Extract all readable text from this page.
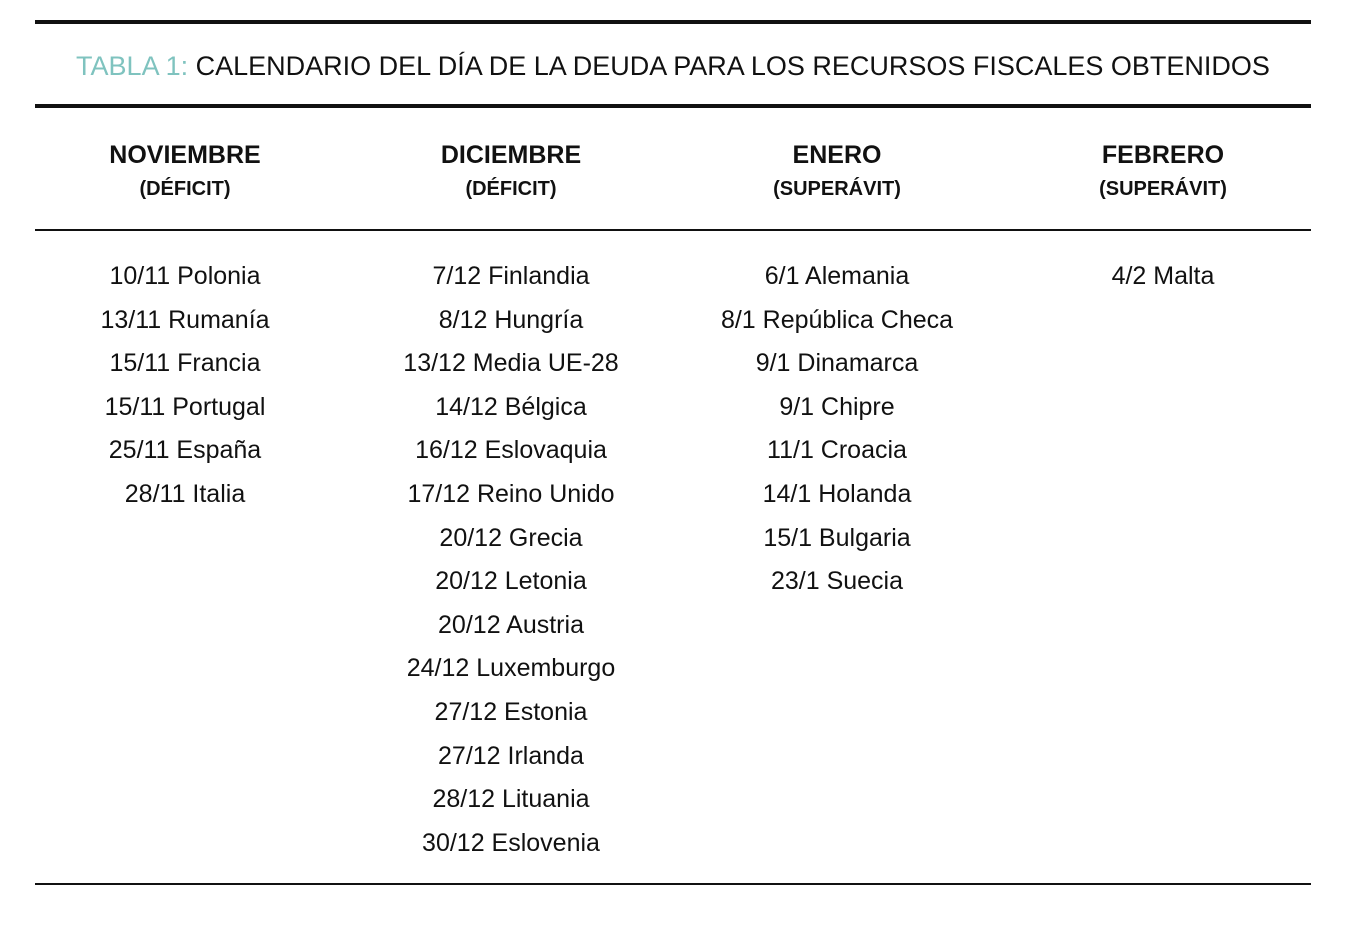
TABLA 1: CALENDARIO DEL DÍA DE LA DEUDA PARA LOS RECURSOS FISCALES OBTENIDOS
NOVIEMBRE
(DÉFICIT)
DICIEMBRE
(DÉFICIT)
ENERO
(SUPERÁVIT)
FEBRERO
(SUPERÁVIT)
10/11 Polonia
13/11 Rumanía
15/11 Francia
15/11 Portugal
25/11 España
28/11 Italia
7/12 Finlandia
8/12 Hungría
13/12 Media UE-28
14/12 Bélgica
16/12 Eslovaquia
17/12 Reino Unido
20/12 Grecia
20/12 Letonia
20/12 Austria
24/12 Luxemburgo
27/12 Estonia
27/12 Irlanda
28/12 Lituania
30/12 Eslovenia
6/1 Alemania
8/1 República Checa
9/1 Dinamarca
9/1 Chipre
11/1 Croacia
14/1 Holanda
15/1 Bulgaria
23/1 Suecia
4/2 Malta
